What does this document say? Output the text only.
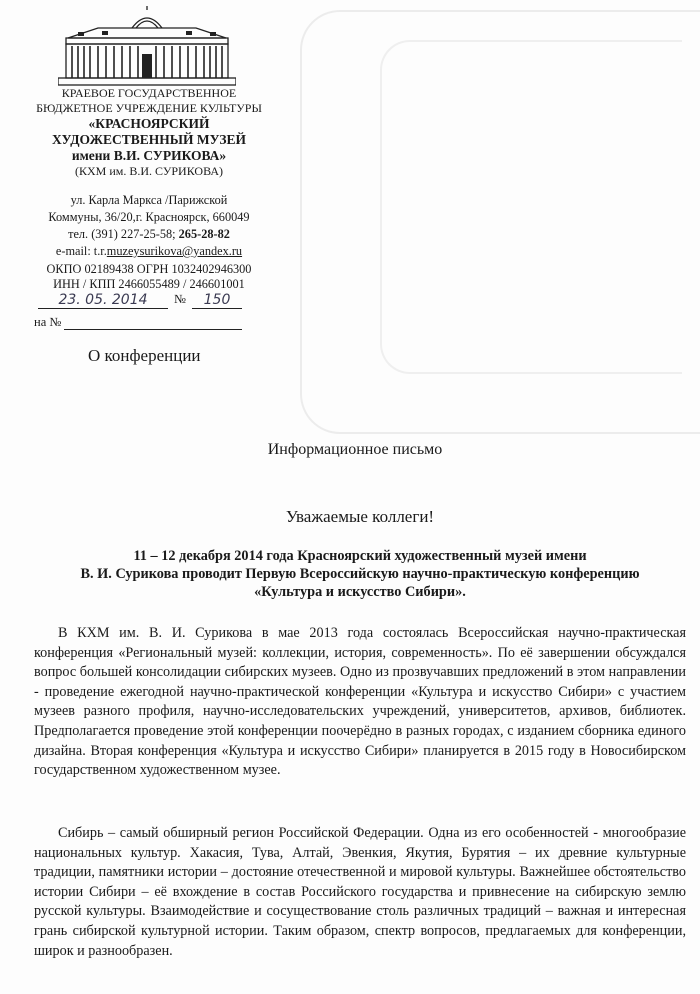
КРАЕВОЕ ГОСУДАРСТВЕННОЕ
БЮДЖЕТНОЕ УЧРЕЖДЕНИЕ КУЛЬТУРЫ
«КРАСНОЯРСКИЙ
ХУДОЖЕСТВЕННЫЙ МУЗЕЙ
имени В.И. СУРИКОВА»
(КХМ им. В.И. СУРИКОВА)
ул. Карла Маркса /Парижской
Коммуны, 36/20,г. Красноярск, 660049
тел. (391) 227-25-58; 265-28-82
e-mail: t.r.muzeysurikova@yandex.ru
ОКПО 02189438 ОГРН 1032402946300
ИНН / КПП 2466055489 / 246601001
23. 05. 2014	№	150
на №
О конференции
Информационное письмо
Уважаемые коллеги!
11 – 12 декабря 2014 года Красноярский художественный музей имени
В. И. Сурикова проводит Первую Всероссийскую научно-практическую конференцию
«Культура и искусство Сибири».
В КХМ им. В. И. Сурикова в мае 2013 года состоялась Всероссийская научно-практическая конференция «Региональный музей: коллекции, история, современность». По её завершении обсуждался вопрос большей консолидации сибирских музеев. Одно из прозвучавших предложений в этом направлении - проведение ежегодной научно-практической конференции «Культура и искусство Сибири» с участием музеев разного профиля, научно-исследовательских учреждений, университетов, архивов, библиотек. Предполагается проведение этой конференции поочерёдно в разных городах, с изданием сборника единого дизайна. Вторая конференция «Культура и искусство Сибири» планируется в 2015 году в Новосибирском государственном художественном музее.
Сибирь – самый обширный регион Российской Федерации. Одна из его особенностей - многообразие национальных культур. Хакасия, Тува, Алтай, Эвенкия, Якутия, Бурятия – их древние культурные традиции, памятники истории – достояние отечественной и мировой культуры. Важнейшее обстоятельство истории Сибири – её вхождение в состав Российского государства и привнесение на сибирскую землю русской культуры. Взаимодействие и сосуществование столь различных традиций – важная и интересная грань сибирской культурной истории. Таким образом, спектр вопросов, предлагаемых для конференции, широк и разнообразен.
